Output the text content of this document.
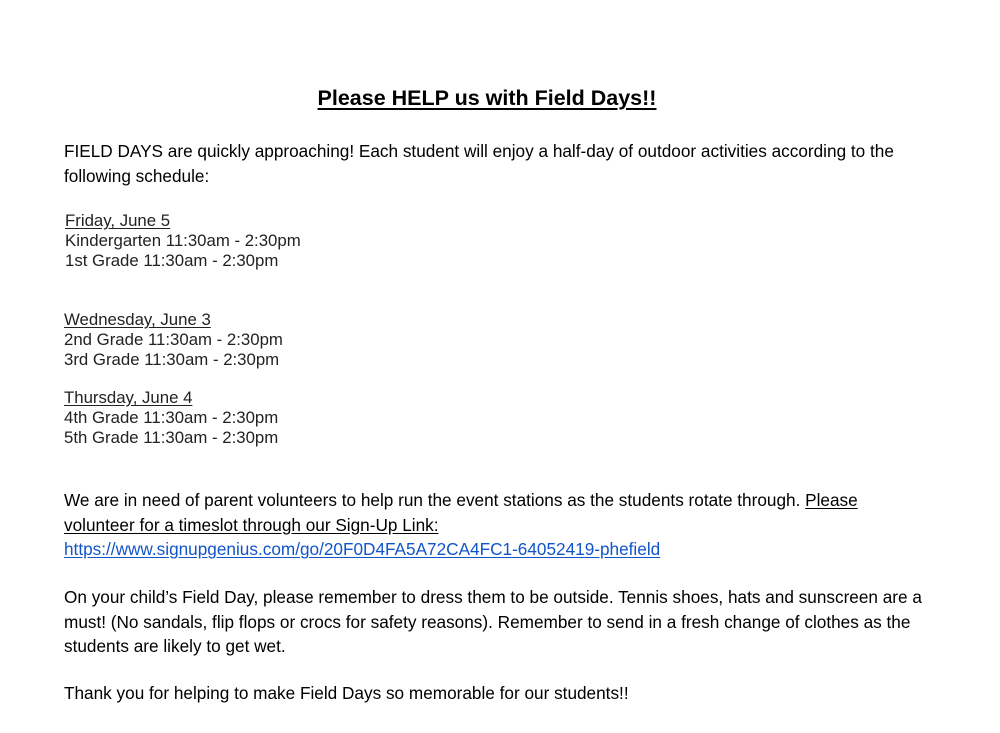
Please HELP us with Field Days!!
FIELD DAYS are quickly approaching! Each student will enjoy a half-day of outdoor activities according to the following schedule:
Friday, June 5
Kindergarten 11:30am - 2:30pm
1st Grade 11:30am - 2:30pm
Wednesday, June 3
2nd Grade 11:30am - 2:30pm
3rd Grade 11:30am - 2:30pm
Thursday, June 4
4th Grade 11:30am - 2:30pm
5th Grade 11:30am - 2:30pm
We are in need of parent volunteers to help run the event stations as the students rotate through. Please volunteer for a timeslot through our Sign-Up Link:
https://www.signupgenius.com/go/20F0D4FA5A72CA4FC1-64052419-phefield
On your child’s Field Day, please remember to dress them to be outside. Tennis shoes, hats and sunscreen are a must! (No sandals, flip flops or crocs for safety reasons). Remember to send in a fresh change of clothes as the students are likely to get wet.
Thank you for helping to make Field Days so memorable for our students!!
